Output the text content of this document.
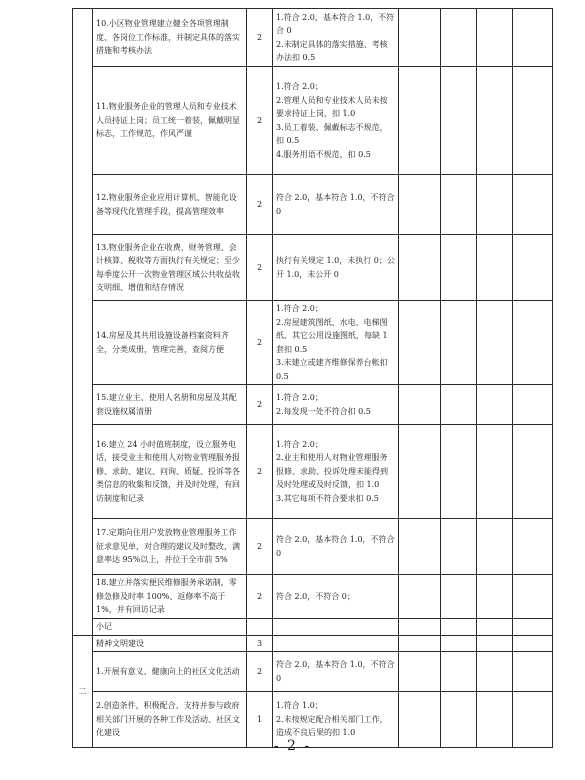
	10.小区物业管理建立健全各项管理制度、各岗位工作标准，并制定具体的落实措施和考核办法	2	1.符合 2.0，基本符合 1.0，不符合 0
2.未制定具体的落实措施、考核办法扣 0.5				
	11.物业服务企业的管理人员和专业技术人员持证上岗；员工统一着装，佩戴明显标志，工作规范，作风严谨	2	1.符合 2.0；
2.管理人员和专业技术人员未按要求持证上岗，扣 1.0
3.员工着装、佩戴标志不规范，扣 0.5
4.服务用语不规范，扣 0.5				
	12.物业服务企业应用计算机、智能化设备等现代化管理手段，提高管理效率	2	符合 2.0，基本符合 1.0，不符合 0				
	13.物业服务企业在收费、财务管理、会计核算、税收等方面执行有关规定；至少每季度公开一次物业管理区域公共收益收支明细、增值和结存情况	2	执行有关规定 1.0，未执行 0；公开 1.0，未公开 0				
	14.房屋及其共用设施设备档案资料齐全，分类成册，管理完善，查阅方便	2	1.符合 2.0；
2.房屋建筑图纸、水电、电梯图纸、其它公用设施图纸，每缺 1 套扣 0.5
3.未建立或建齐维修保养台帐扣 0.5				
	15.建立业主、使用人名册和房屋及其配套设施权属清册	2	1.符合 2.0；
2.每发现一处不符合扣 0.5				
	16.建立 24 小时值班制度，设立服务电话，接受业主和使用人对物业管理服务报修、求助、建议、问询、质疑、投诉等各类信息的收集和反馈，并及时处理，有回访制度和记录	2	1.符合 2.0；
2.业主和使用人对物业管理服务报修、求助、投诉处理未能得到及时处理或及时反馈，扣 1.0
3.其它每项不符合要求扣 0.5				
	17.定期向住用户发放物业管理服务工作征求意见单，对合理的建议及时整改，满意率达 95%以上，并位于全市前 5%	2	符合 2.0，基本符合 1.0，不符合 0				
	18.建立并落实便民维修服务承诺制，零修急修及时率 100%、返修率不高于 1%，并有回访记录	2	符合 2.0，不符合 0；				
	小记						
二	精神文明建设	3					
	1.开展有意义、健康向上的社区文化活动	2	符合 2.0，基本符合 1.0，不符合 0				
	2.创造条件，积极配合、支持并参与政府相关部门开展的各种工作及活动、社区文化建设	1	1.符合 1.0；
2.未按规定配合相关部门工作，造成不良后果的扣 1.0				
- 2 -
